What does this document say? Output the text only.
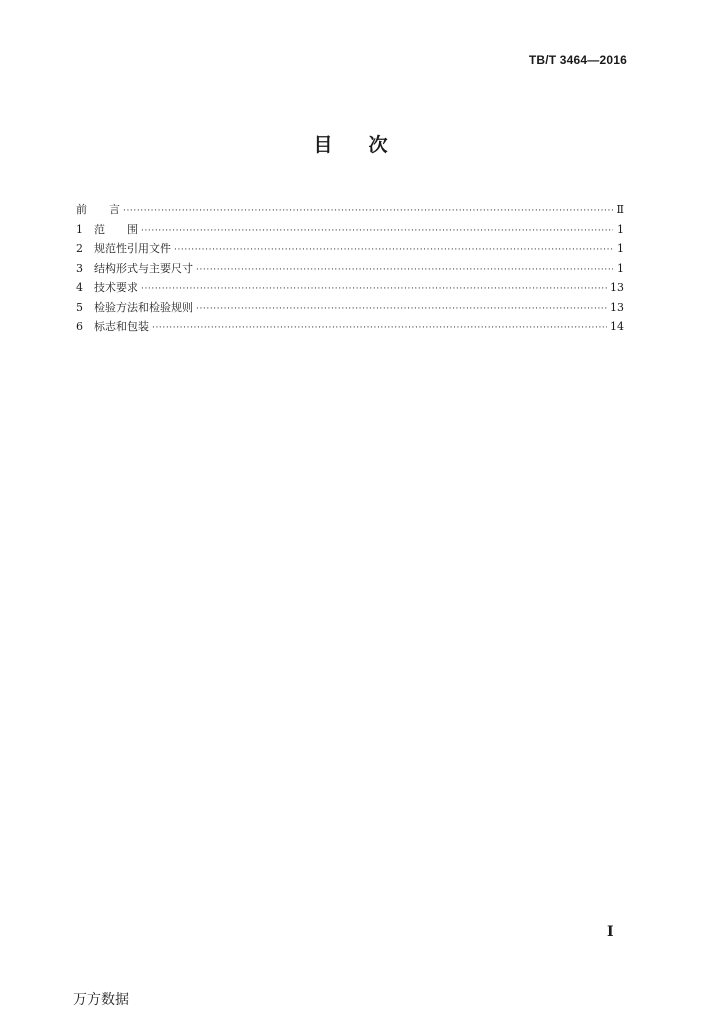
TB/T 3464—2016
目次
前　　言 ·····	Ⅱ
1	范　　围 ·····	1
2	规范性引用文件 ·····	1
3	结构形式与主要尺寸 ·····	1
4	技术要求 ·····	13
5	检验方法和检验规则 ·····	13
6	标志和包装 ·····	14
I
万方数据
